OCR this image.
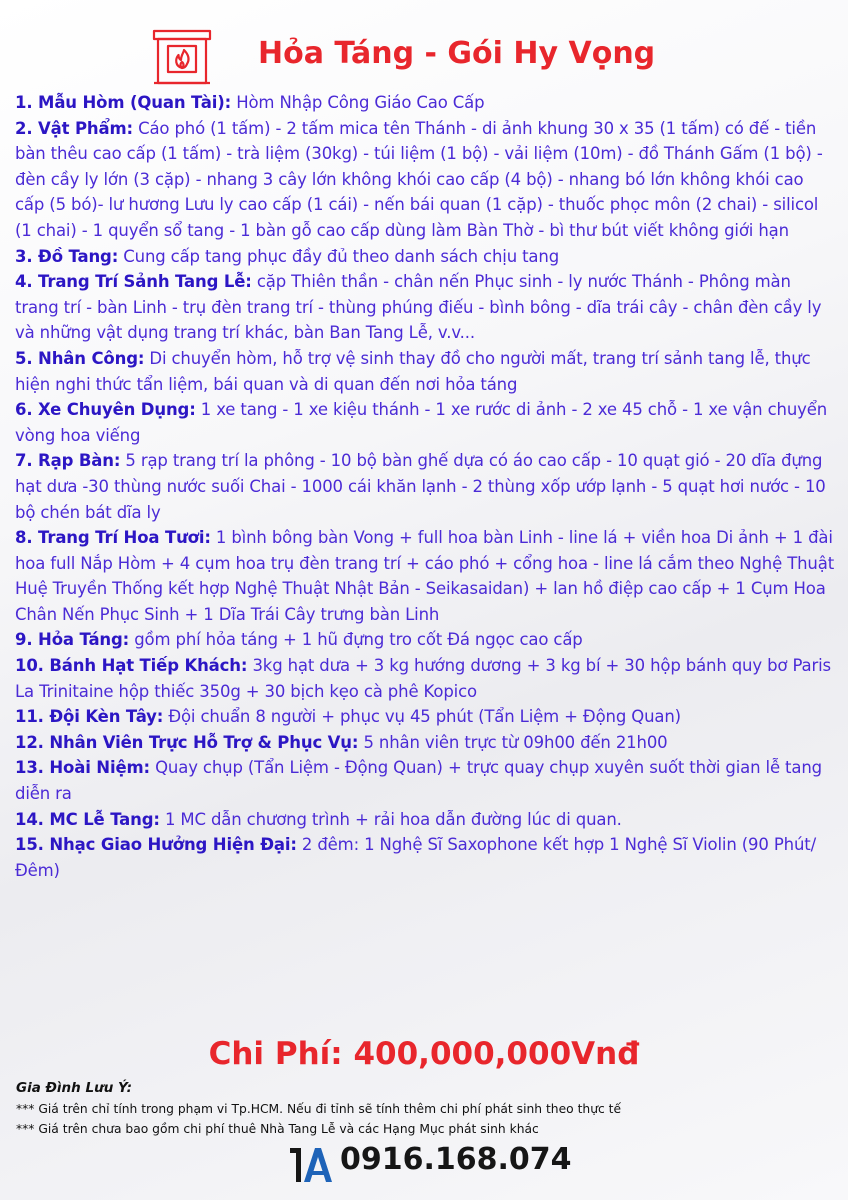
Hỏa Táng - Gói Hy Vọng
1. Mẫu Hòm (Quan Tài): Hòm Nhập Công Giáo Cao Cấp
2. Vật Phẩm: Cáo phó (1 tấm) - 2 tấm mica tên Thánh - di ảnh khung 30 x 35 (1 tấm) có đế - tiền bàn thêu cao cấp (1 tấm) - trà liệm (30kg) - túi liệm (1 bộ) - vải liệm (10m) - đồ Thánh Gấm (1 bộ) - đèn cầy ly lớn (3 cặp) - nhang 3 cây lớn không khói cao cấp (4 bộ) - nhang bó lớn không khói cao cấp (5 bó)- lư hương Lưu ly cao cấp (1 cái) - nến bái quan (1 cặp) - thuốc phọc môn (2 chai) - silicol (1 chai) - 1 quyển sổ tang - 1 bàn gỗ cao cấp dùng làm Bàn Thờ - bì thư bút viết không giới hạn
3. Đồ Tang: Cung cấp tang phục đầy đủ theo danh sách chịu tang
4. Trang Trí Sảnh Tang Lễ: cặp Thiên thần - chân nến Phục sinh - ly nước Thánh - Phông màn trang trí - bàn Linh - trụ đèn trang trí - thùng phúng điếu - bình bông - dĩa trái cây - chân đèn cầy ly và những vật dụng trang trí khác, bàn Ban Tang Lễ, v.v...
5. Nhân Công: Di chuyển hòm, hỗ trợ vệ sinh thay đồ cho người mất, trang trí sảnh tang lễ, thực hiện nghi thức tẩn liệm, bái quan và di quan đến nơi hỏa táng
6. Xe Chuyên Dụng: 1 xe tang - 1 xe kiệu thánh - 1 xe rước di ảnh - 2 xe 45 chỗ - 1 xe vận chuyển vòng hoa viếng
7. Rạp Bàn: 5 rạp trang trí la phông - 10 bộ bàn ghế dựa có áo cao cấp - 10 quạt gió - 20 dĩa đựng hạt dưa -30 thùng nước suối Chai - 1000 cái khăn lạnh - 2 thùng xốp ướp lạnh - 5 quạt hơi nước - 10 bộ chén bát dĩa ly
8. Trang Trí Hoa Tươi: 1 bình bông bàn Vong + full hoa bàn Linh - line lá + viền hoa Di ảnh + 1 đài hoa full Nắp Hòm + 4 cụm hoa trụ đèn trang trí + cáo phó + cổng hoa - line lá cắm theo Nghệ Thuật Huệ Truyền Thống kết hợp Nghệ Thuật Nhật Bản - Seikasaidan) + lan hồ điệp cao cấp + 1 Cụm Hoa Chân Nến Phục Sinh + 1 Dĩa Trái Cây trưng bàn Linh
9. Hỏa Táng: gồm phí hỏa táng + 1 hũ đựng tro cốt Đá ngọc cao cấp
10. Bánh Hạt Tiếp Khách: 3kg hạt dưa + 3 kg hướng dương + 3 kg bí + 30 hộp bánh quy bơ Paris La Trinitaine hộp thiếc 350g + 30 bịch kẹo cà phê Kopico
11. Đội Kèn Tây: Đội chuẩn 8 người + phục vụ 45 phút (Tẩn Liệm + Động Quan)
12. Nhân Viên Trực Hỗ Trợ & Phục Vụ: 5 nhân viên trực từ 09h00 đến 21h00
13. Hoài Niệm: Quay chụp (Tẩn Liệm - Động Quan) + trực quay chụp xuyên suốt thời gian lễ tang diễn ra
14. MC Lễ Tang: 1 MC dẫn chương trình + rải hoa dẫn đường lúc di quan.
15. Nhạc Giao Hưởng Hiện Đại: 2 đêm: 1 Nghệ Sĩ Saxophone kết hợp 1 Nghệ Sĩ Violin (90 Phút/Đêm)
Chi Phí: 400,000,000Vnđ
Gia Đình Lưu Ý:
*** Giá trên chỉ tính trong phạm vi Tp.HCM. Nếu đi tỉnh sẽ tính thêm chi phí phát sinh theo thực tế
*** Giá trên chưa bao gồm chi phí thuê Nhà Tang Lễ và các Hạng Mục phát sinh khác
0916.168.074
